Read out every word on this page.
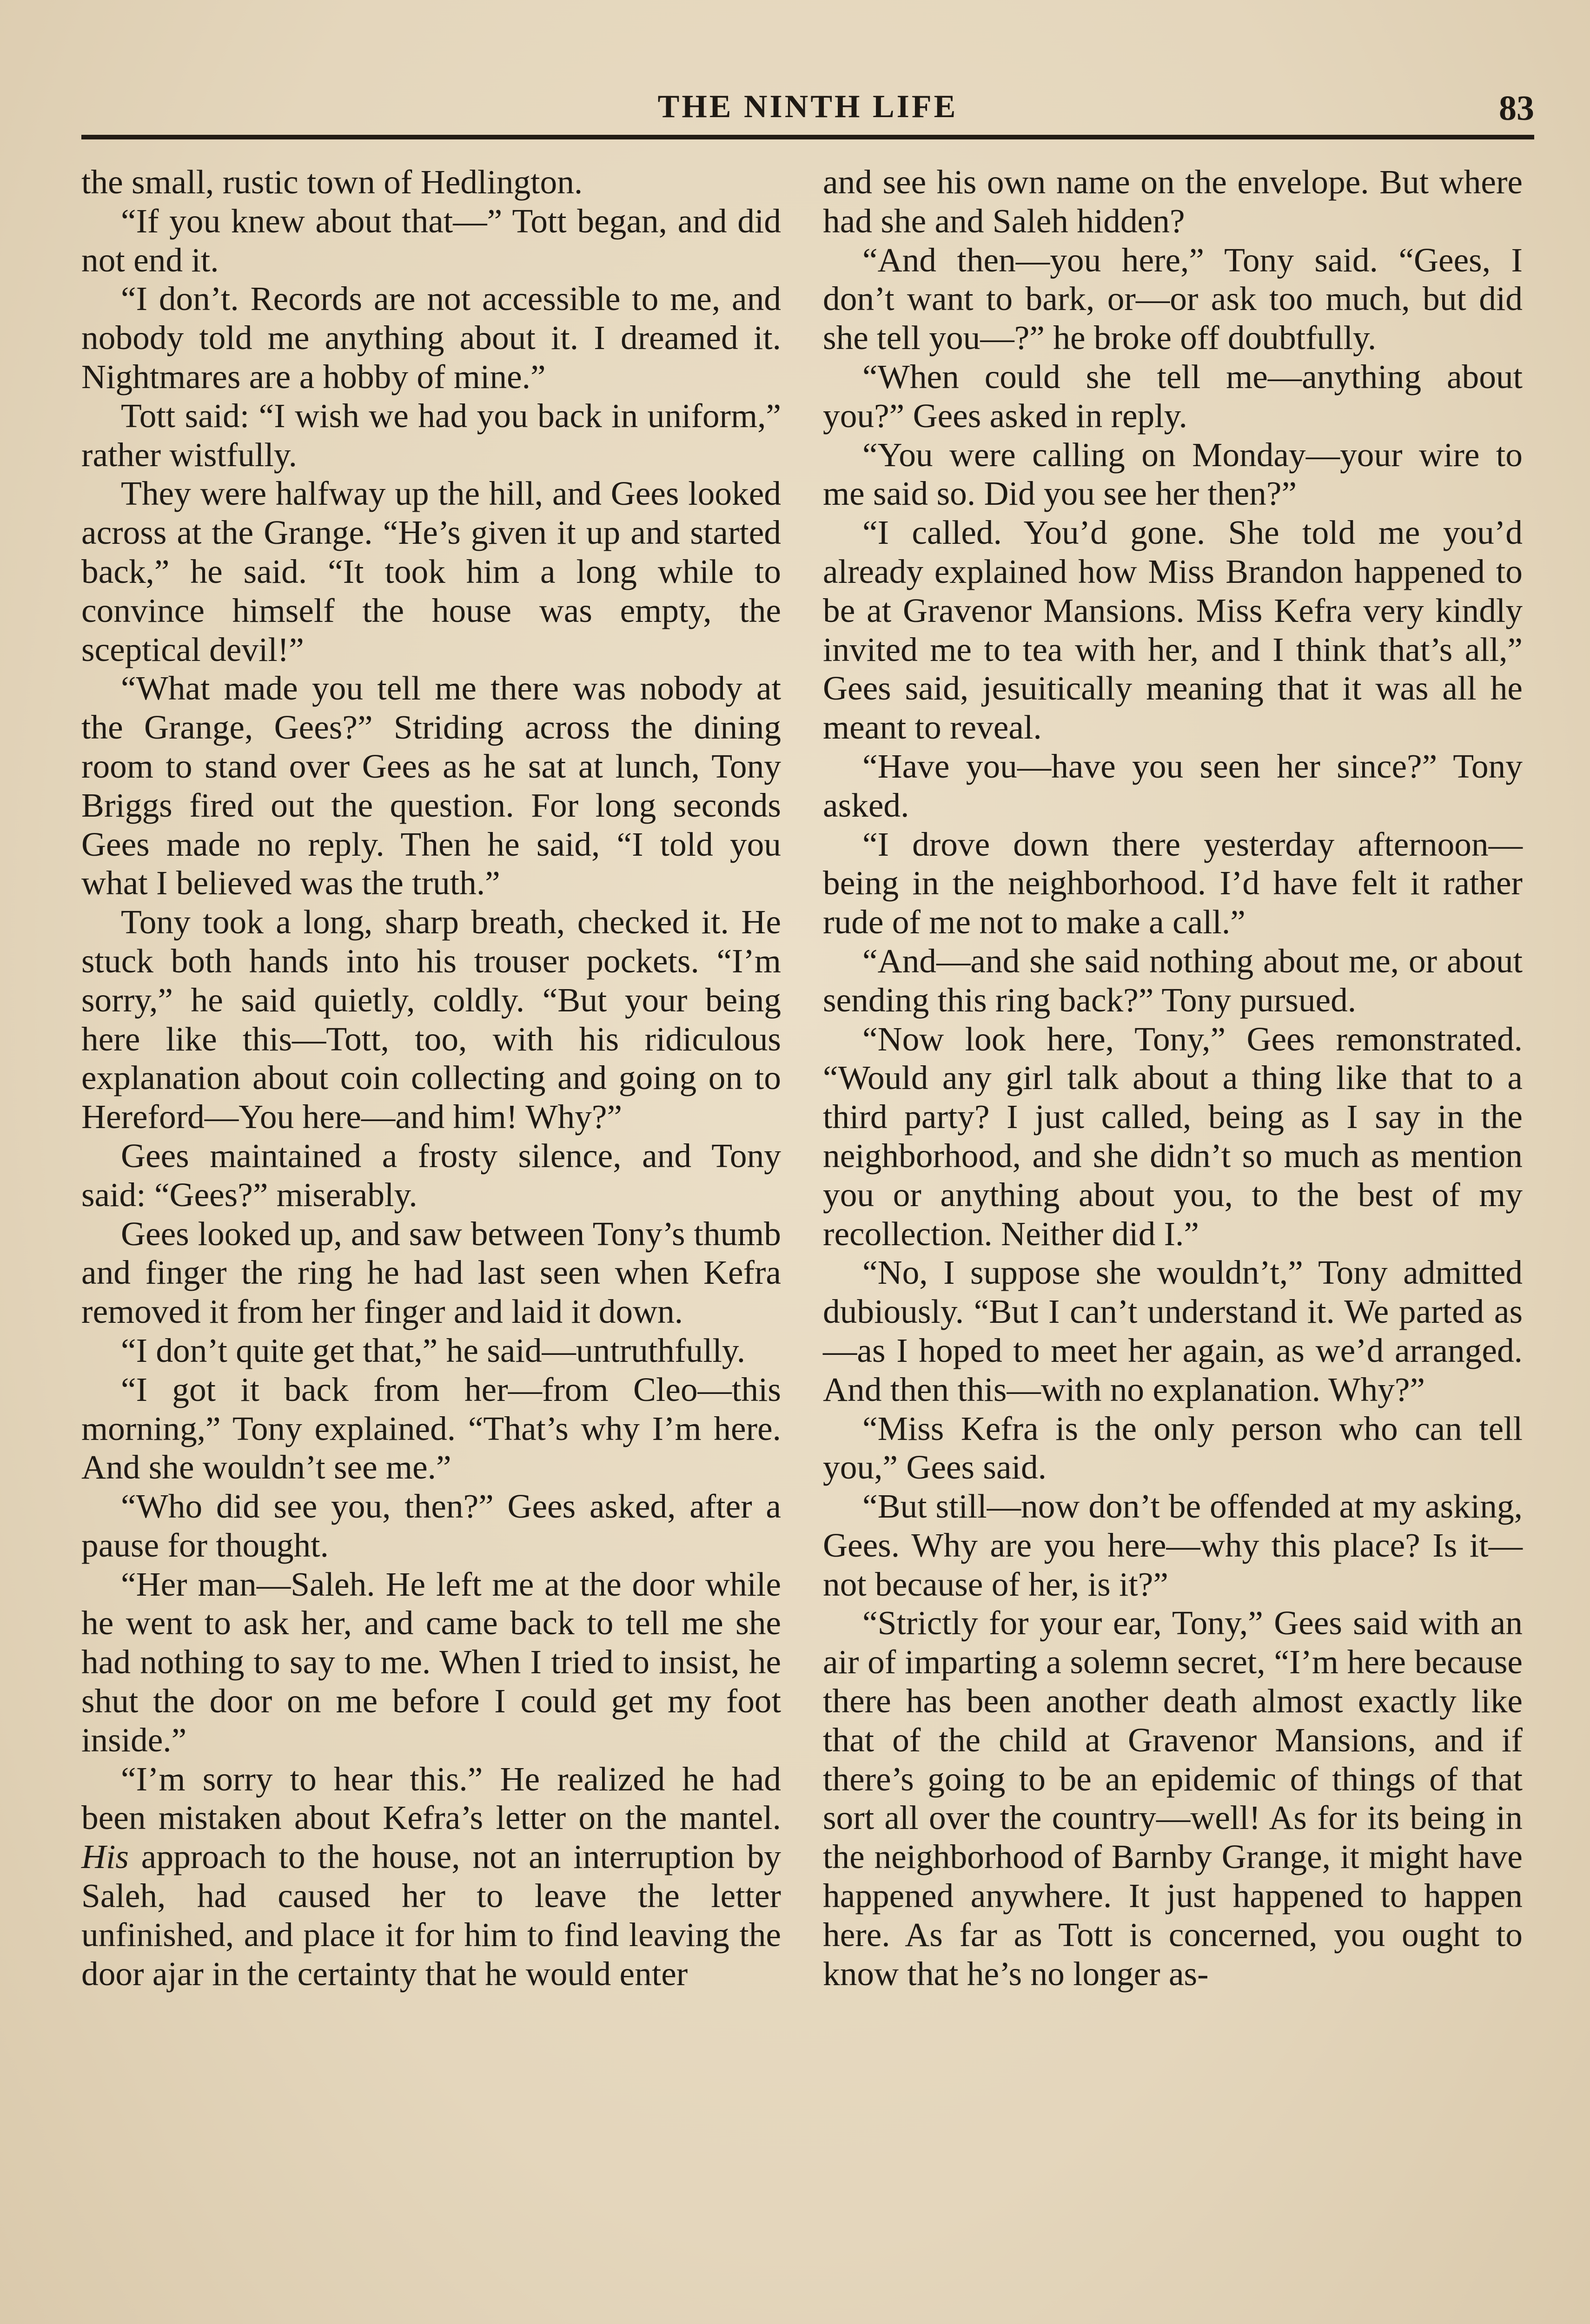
THE NINTH LIFE	83

the small, rustic town of Hedlington.

“If you knew about that—” Tott began, and did not end it.

“I don’t. Records are not accessible to me, and nobody told me anything about it. I dreamed it. Nightmares are a hobby of mine.”

Tott said: “I wish we had you back in uniform,” rather wistfully.

They were halfway up the hill, and Gees looked across at the Grange. “He’s given it up and started back,” he said. “It took him a long while to convince himself the house was empty, the sceptical devil!”

“What made you tell me there was nobody at the Grange, Gees?” Striding across the dining room to stand over Gees as he sat at lunch, Tony Briggs fired out the question. For long seconds Gees made no reply. Then he said, “I told you what I believed was the truth.”

Tony took a long, sharp breath, checked it. He stuck both hands into his trouser pockets. “I’m sorry,” he said quietly, coldly. “But your being here like this—Tott, too, with his ridiculous explanation about coin collecting and going on to Hereford—You here—and him! Why?”

Gees maintained a frosty silence, and Tony said: “Gees?” miserably.

Gees looked up, and saw between Tony’s thumb and finger the ring he had last seen when Kefra removed it from her finger and laid it down.

“I don’t quite get that,” he said—untruthfully.

“I got it back from her—from Cleo—this morning,” Tony explained. “That’s why I’m here. And she wouldn’t see me.”

“Who did see you, then?” Gees asked, after a pause for thought.

“Her man—Saleh. He left me at the door while he went to ask her, and came back to tell me she had nothing to say to me. When I tried to insist, he shut the door on me before I could get my foot inside.”

“I’m sorry to hear this.” He realized he had been mistaken about Kefra’s letter on the mantel. His approach to the house, not an interruption by Saleh, had caused her to leave the letter unfinished, and place it for him to find leaving the door ajar in the certainty that he would enter

and see his own name on the envelope. But where had she and Saleh hidden?

“And then—you here,” Tony said. “Gees, I don’t want to bark, or—or ask too much, but did she tell you—?” he broke off doubtfully.

“When could she tell me—anything about you?” Gees asked in reply.

“You were calling on Monday—your wire to me said so. Did you see her then?”

“I called. You’d gone. She told me you’d already explained how Miss Brandon happened to be at Gravenor Mansions. Miss Kefra very kindly invited me to tea with her, and I think that’s all,” Gees said, jesuitically meaning that it was all he meant to reveal.

“Have you—have you seen her since?” Tony asked.

“I drove down there yesterday afternoon—being in the neighborhood. I’d have felt it rather rude of me not to make a call.”

“And—and she said nothing about me, or about sending this ring back?” Tony pursued.

“Now look here, Tony,” Gees remonstrated. “Would any girl talk about a thing like that to a third party? I just called, being as I say in the neighborhood, and she didn’t so much as mention you or anything about you, to the best of my recollection. Neither did I.”

“No, I suppose she wouldn’t,” Tony admitted dubiously. “But I can’t understand it. We parted as—as I hoped to meet her again, as we’d arranged. And then this—with no explanation. Why?”

“Miss Kefra is the only person who can tell you,” Gees said.

“But still—now don’t be offended at my asking, Gees. Why are you here—why this place? Is it—not because of her, is it?”

“Strictly for your ear, Tony,” Gees said with an air of imparting a solemn secret, “I’m here because there has been another death almost exactly like that of the child at Gravenor Mansions, and if there’s going to be an epidemic of things of that sort all over the country—well! As for its being in the neighborhood of Barnby Grange, it might have happened anywhere. It just happened to happen here. As far as Tott is concerned, you ought to know that he’s no longer as-
